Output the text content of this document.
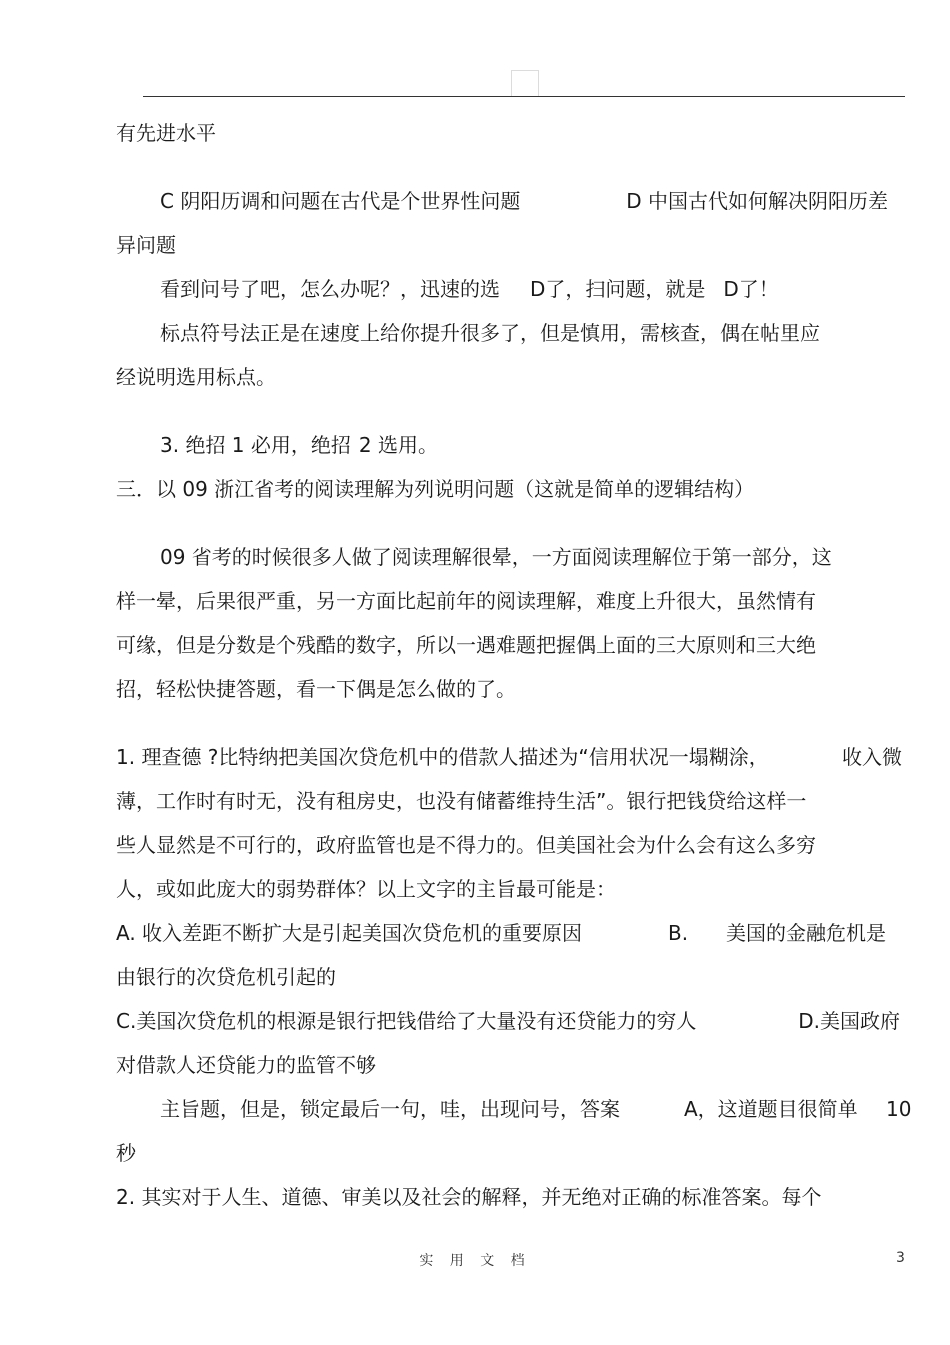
有先进水平
C 阴阳历调和问题在古代是个世界性问题	D 中国古代如何解决阴阳历差
异问题
看到问号了吧，怎么办呢？，迅速的选 D了，扫问题，就是 D了！
标点符号法正是在速度上给你提升很多了，但是慎用，需核查，偶在帖里应
经说明选用标点。
3. 绝招 1 必用，绝招 2 选用。
三．以 09 浙江省考的阅读理解为列说明问题（这就是简单的逻辑结构）
09 省考的时候很多人做了阅读理解很晕，一方面阅读理解位于第一部分，这
样一晕，后果很严重，另一方面比起前年的阅读理解，难度上升很大，虽然情有
可缘，但是分数是个残酷的数字，所以一遇难题把握偶上面的三大原则和三大绝
招，轻松快捷答题，看一下偶是怎么做的了。
1. 理查德 ?比特纳把美国次贷危机中的借款人描述为“信用状况一塌糊涂，	收入微
薄，工作时有时无，没有租房史，也没有储蓄维持生活”。银行把钱贷给这样一
些人显然是不可行的，政府监管也是不得力的。但美国社会为什么会有这么多穷
人，或如此庞大的弱势群体？以上文字的主旨最可能是：
A. 收入差距不断扩大是引起美国次贷危机的重要原因	B. 美国的金融危机是
由银行的次贷危机引起的
C.美国次贷危机的根源是银行把钱借给了大量没有还贷能力的穷人	D.美国政府
对借款人还贷能力的监管不够
主旨题，但是，锁定最后一句，哇，出现问号，答案	A，这道题目很简单 10
秒
2. 其实对于人生、道德、审美以及社会的解释，并无绝对正确的标准答案。每个
实 用 文 档	3
